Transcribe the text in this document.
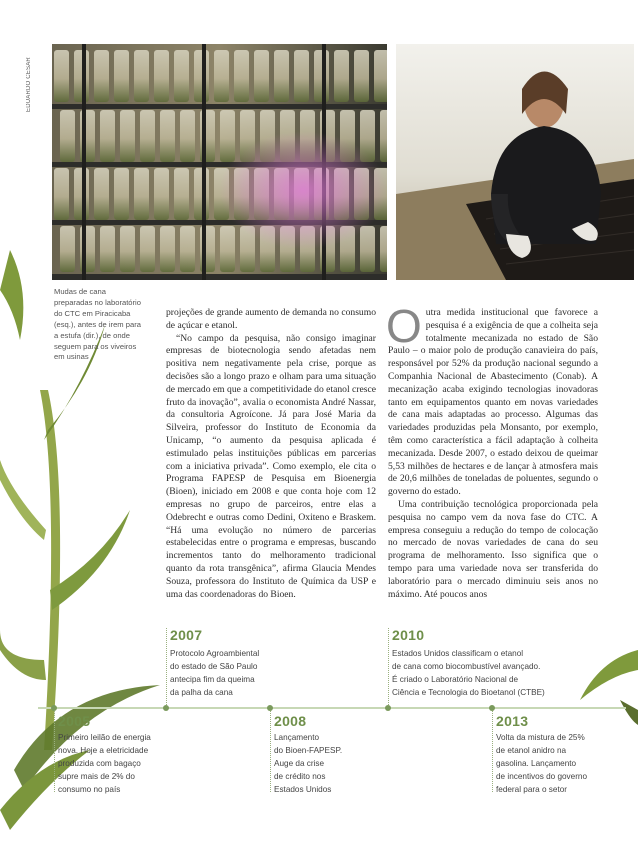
EDUARDO CESAR
Mudas de cana preparadas no laboratório do CTC em Piracicaba (esq.), antes de irem para a estufa (dir.), de onde seguem para os viveiros em usinas

projeções de grande aumento de demanda no consumo de açúcar e etanol.

“No campo da pesquisa, não consigo imaginar empresas de biotecnologia sendo afetadas nem positiva nem negativamente pela crise, porque as decisões são a longo prazo e olham para uma situação de mercado em que a competitividade do etanol cresce fruto da inovação”, avalia o economista André Nassar, da consultoria Agroícone. Já para José Maria da Silveira, professor do Instituto de Economia da Unicamp, “o aumento da pesquisa aplicada é estimulado pelas instituições públicas em parcerias com a iniciativa privada”. Como exemplo, ele cita o Programa FAPESP de Pesquisa em Bioenergia (Bioen), iniciado em 2008 e que conta hoje com 12 empresas no grupo de parceiros, entre elas a Odebrecht e outras como Dedini, Oxiteno e Braskem. “Há uma evolução no número de parcerias estabelecidas entre o programa e empresas, buscando incrementos tanto do melhoramento tradicional quanto da rota transgênica”, afirma Glaucia Mendes Souza, professora do Instituto de Química da USP e uma das coordenadoras do Bioen.

Outra medida institucional que favorece a pesquisa é a exigência de que a colheita seja totalmente mecanizada no estado de São Paulo – o maior polo de produção canavieira do país, responsável por 52% da produção nacional segundo a Companhia Nacional de Abastecimento (Conab). A mecanização acaba exigindo tecnologias inovadoras tanto em equipamentos quanto em novas variedades de cana mais adaptadas ao processo. Algumas das variedades produzidas pela Monsanto, por exemplo, têm como característica a fácil adaptação à colheita mecanizada. Desde 2007, o estado deixou de queimar 5,53 milhões de hectares e de lançar à atmosfera mais de 20,6 milhões de toneladas de poluentes, segundo o governo do estado.

Uma contribuição tecnológica proporcionada pela pesquisa no campo vem da nova fase do CTC. A empresa conseguiu a redução do tempo de colocação no mercado de novas variedades de cana do seu programa de melhoramento. Isso significa que o tempo para uma variedade nova ser transferida do laboratório para o mercado diminuiu seis anos no máximo. Até poucos anos

2007
Protocolo Agroambiental
do estado de São Paulo
antecipa fim da queima
da palha da cana
2010
Estados Unidos classificam o etanol
de cana como biocombustível avançado.
É criado o Laboratório Nacional de
Ciência e Tecnologia do Bioetanol (CTBE)
2005
Primeiro leilão de energia
nova. Hoje a eletricidade
produzida com bagaço
supre mais de 2% do
consumo no país
2008
Lançamento
do Bioen-FAPESP.
Auge da crise
de crédito nos
Estados Unidos
2013
Volta da mistura de 25%
de etanol anidro na
gasolina. Lançamento
de incentivos do governo
federal para o setor
